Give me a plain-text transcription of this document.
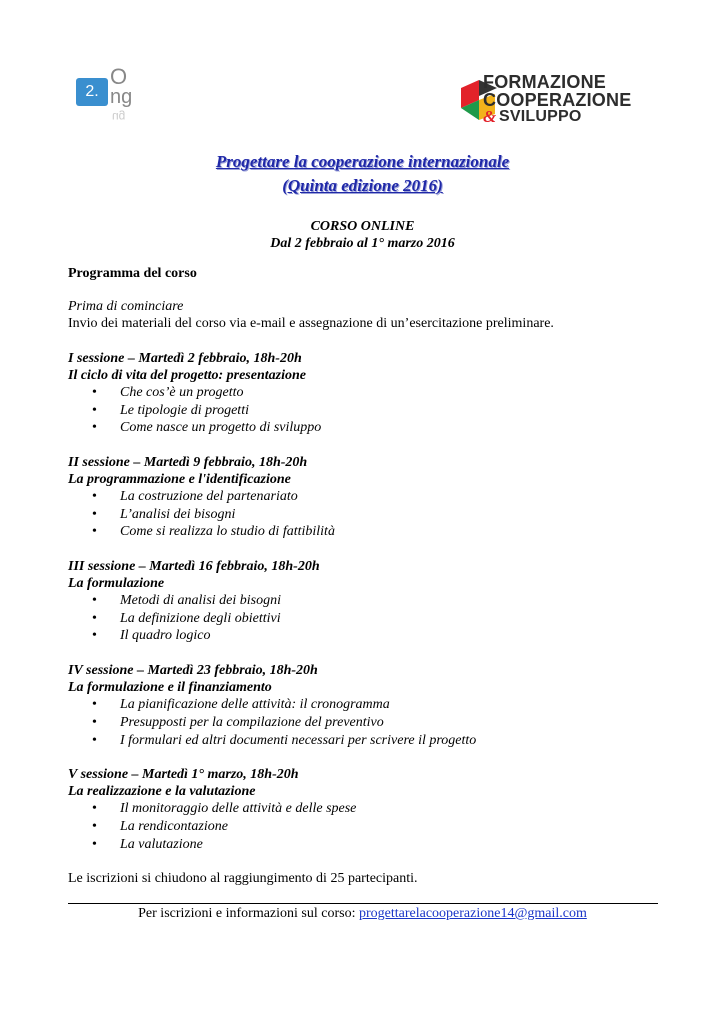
2.
O
ng
ug
FORMAZIONE
COOPERAZIONE
& SVILUPPO
Progettare la cooperazione internazionale
(Quinta edizione 2016)
CORSO ONLINE
Dal 2 febbraio al 1° marzo 2016
Programma del corso
Prima di cominciare
Invio dei materiali del corso via e-mail e assegnazione di un’esercitazione preliminare.
I sessione – Martedì 2 febbraio, 18h-20h
Il ciclo di vita del progetto: presentazione
• Che cos’è un progetto
• Le tipologie di progetti
• Come nasce un progetto di sviluppo
II sessione – Martedì 9 febbraio, 18h-20h
La programmazione e l'identificazione
• La costruzione del partenariato
• L’analisi dei bisogni
• Come si realizza lo studio di fattibilità
III sessione – Martedì 16 febbraio, 18h-20h
La formulazione
• Metodi di analisi dei bisogni
• La definizione degli obiettivi
• Il quadro logico
IV sessione – Martedì 23 febbraio, 18h-20h
La formulazione e il finanziamento
• La pianificazione delle attività: il cronogramma
• Presupposti per la compilazione del preventivo
• I formulari ed altri documenti necessari per scrivere il progetto
V sessione – Martedì 1° marzo, 18h-20h
La realizzazione e la valutazione
• Il monitoraggio delle attività e delle spese
• La rendicontazione
• La valutazione
Le iscrizioni si chiudono al raggiungimento di 25 partecipanti.
Per iscrizioni e informazioni sul corso: progettarelacooperazione14@gmail.com
